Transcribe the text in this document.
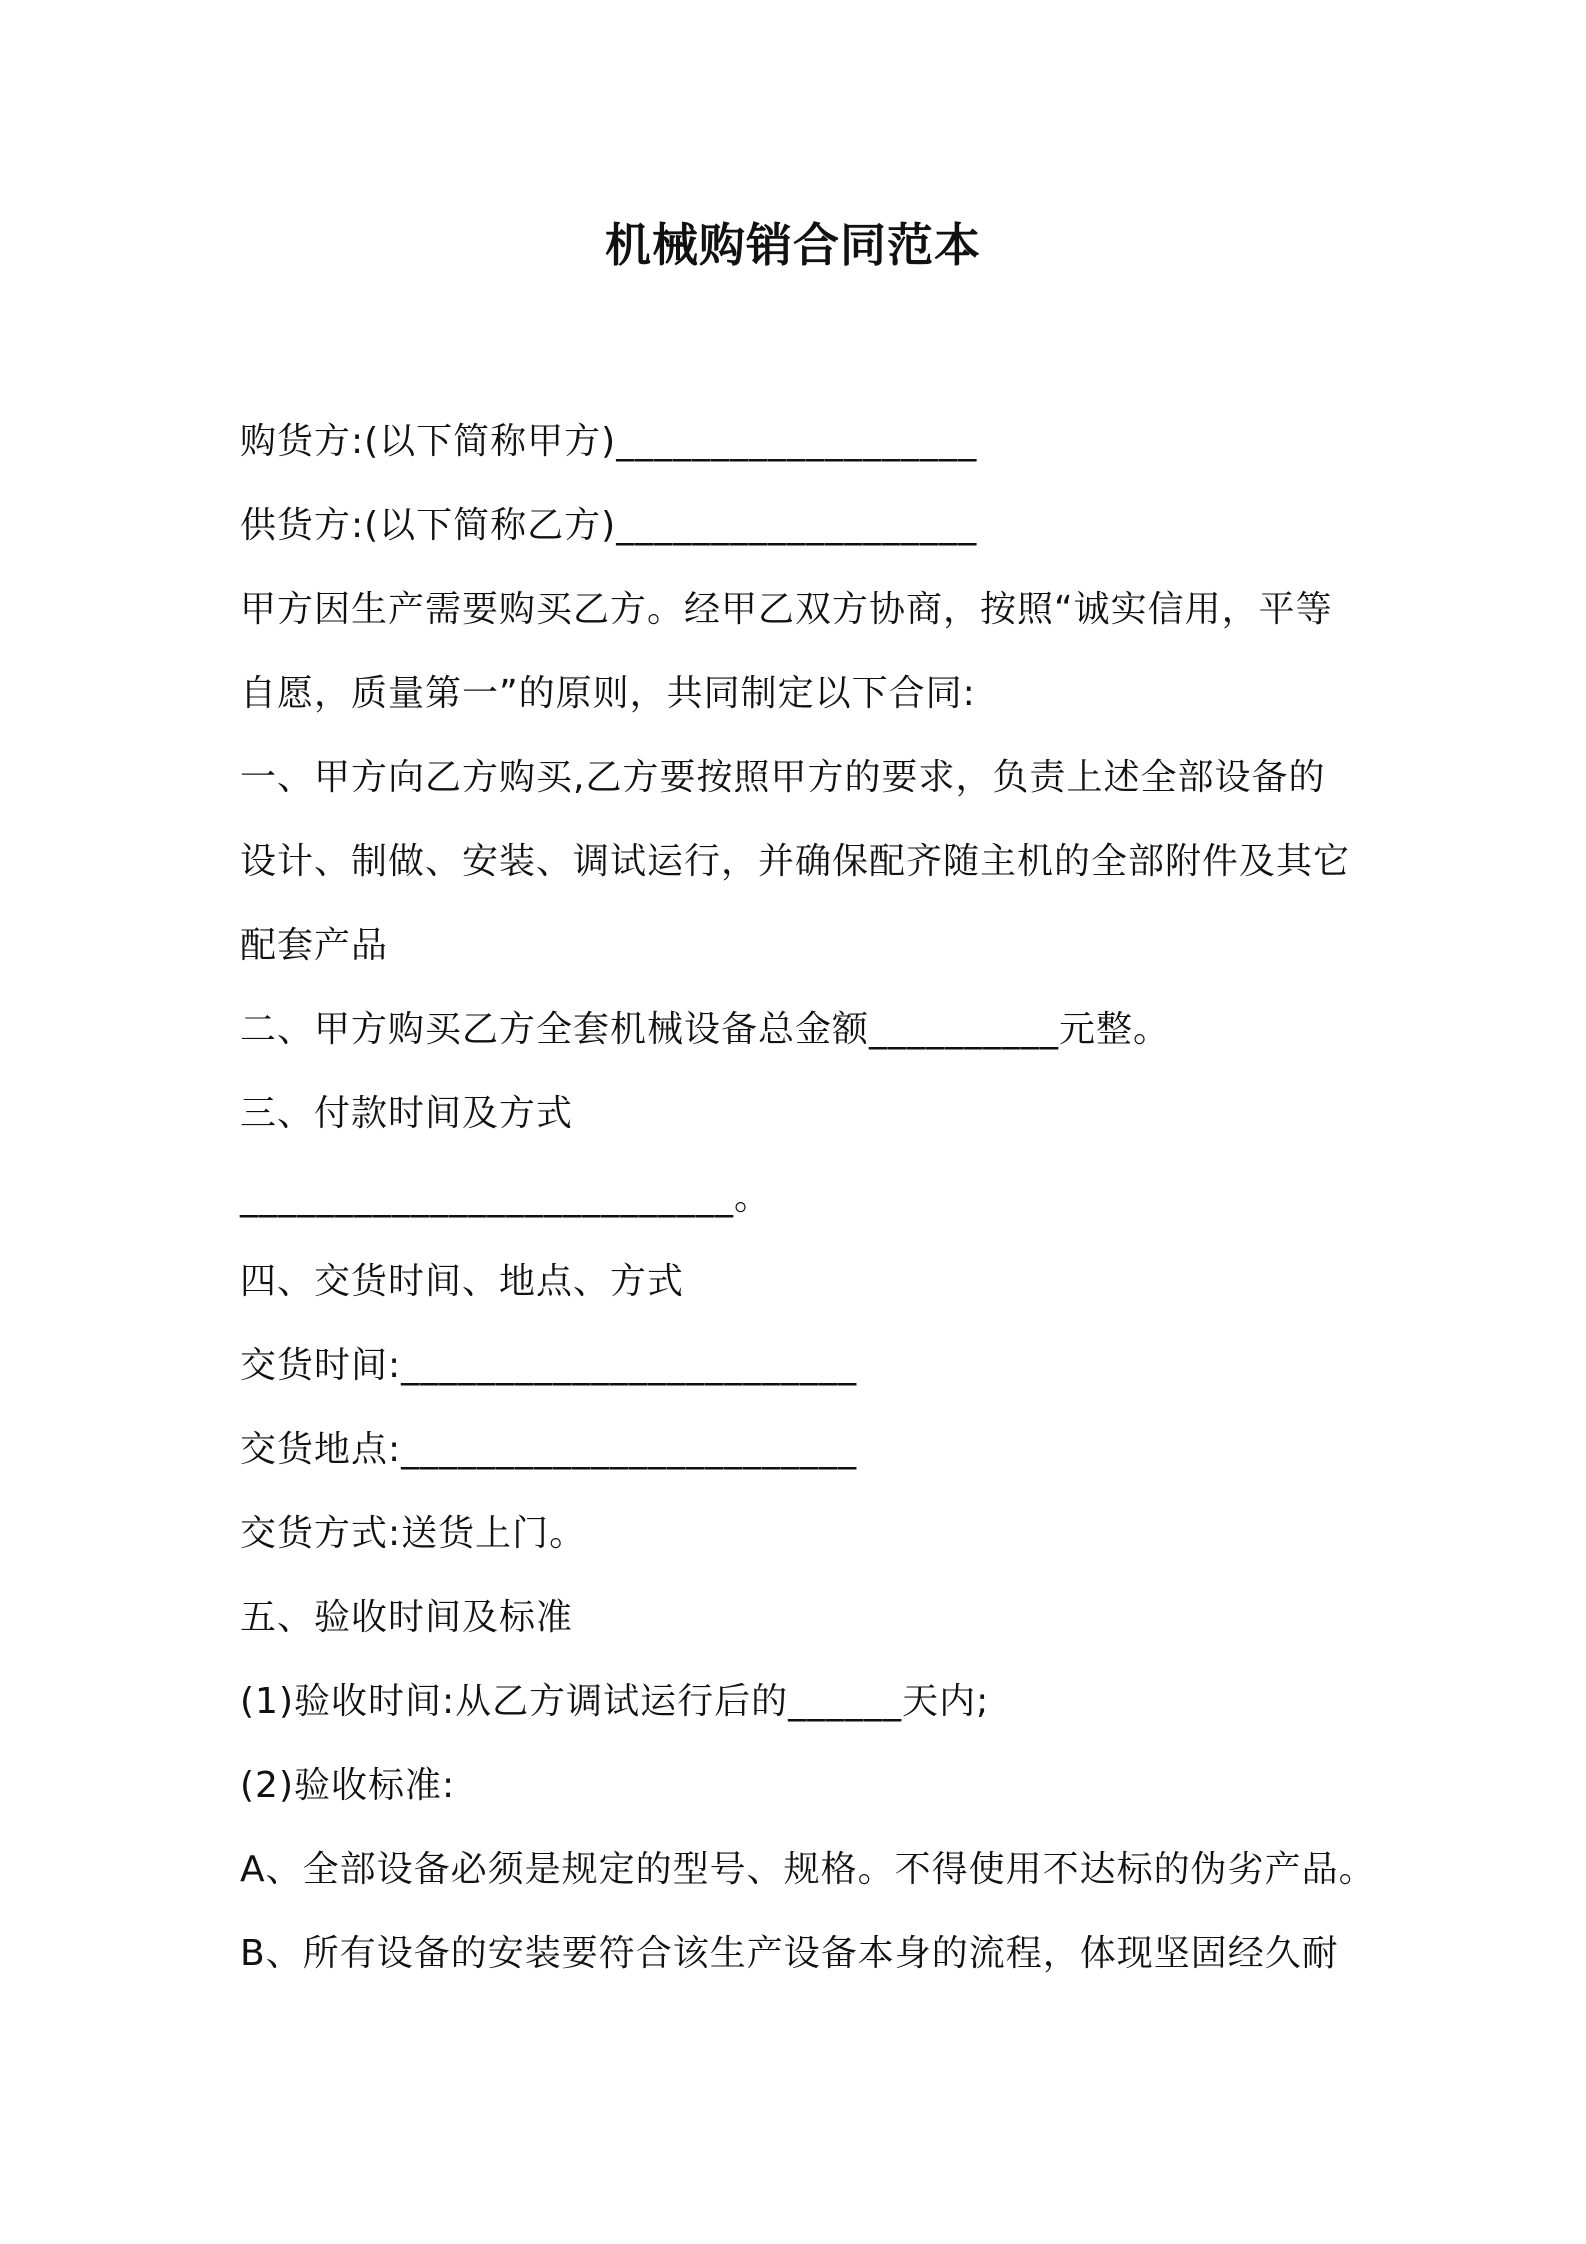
机械购销合同范本
购货方:(以下简称甲方)___________________
供货方:(以下简称乙方)___________________
甲方因生产需要购买乙方。经甲乙双方协商，按照“诚实信用，平等
自愿，质量第一”的原则，共同制定以下合同:
一、甲方向乙方购买,乙方要按照甲方的要求，负责上述全部设备的
设计、制做、安装、调试运行，并确保配齐随主机的全部附件及其它
配套产品
二、甲方购买乙方全套机械设备总金额__________元整。
三、付款时间及方式
__________________________。
四、交货时间、地点、方式
交货时间:________________________
交货地点:________________________
交货方式:送货上门。
五、验收时间及标准
(1)验收时间:从乙方调试运行后的______天内;
(2)验收标准:
A、全部设备必须是规定的型号、规格。不得使用不达标的伪劣产品。
B、所有设备的安装要符合该生产设备本身的流程，体现坚固经久耐
